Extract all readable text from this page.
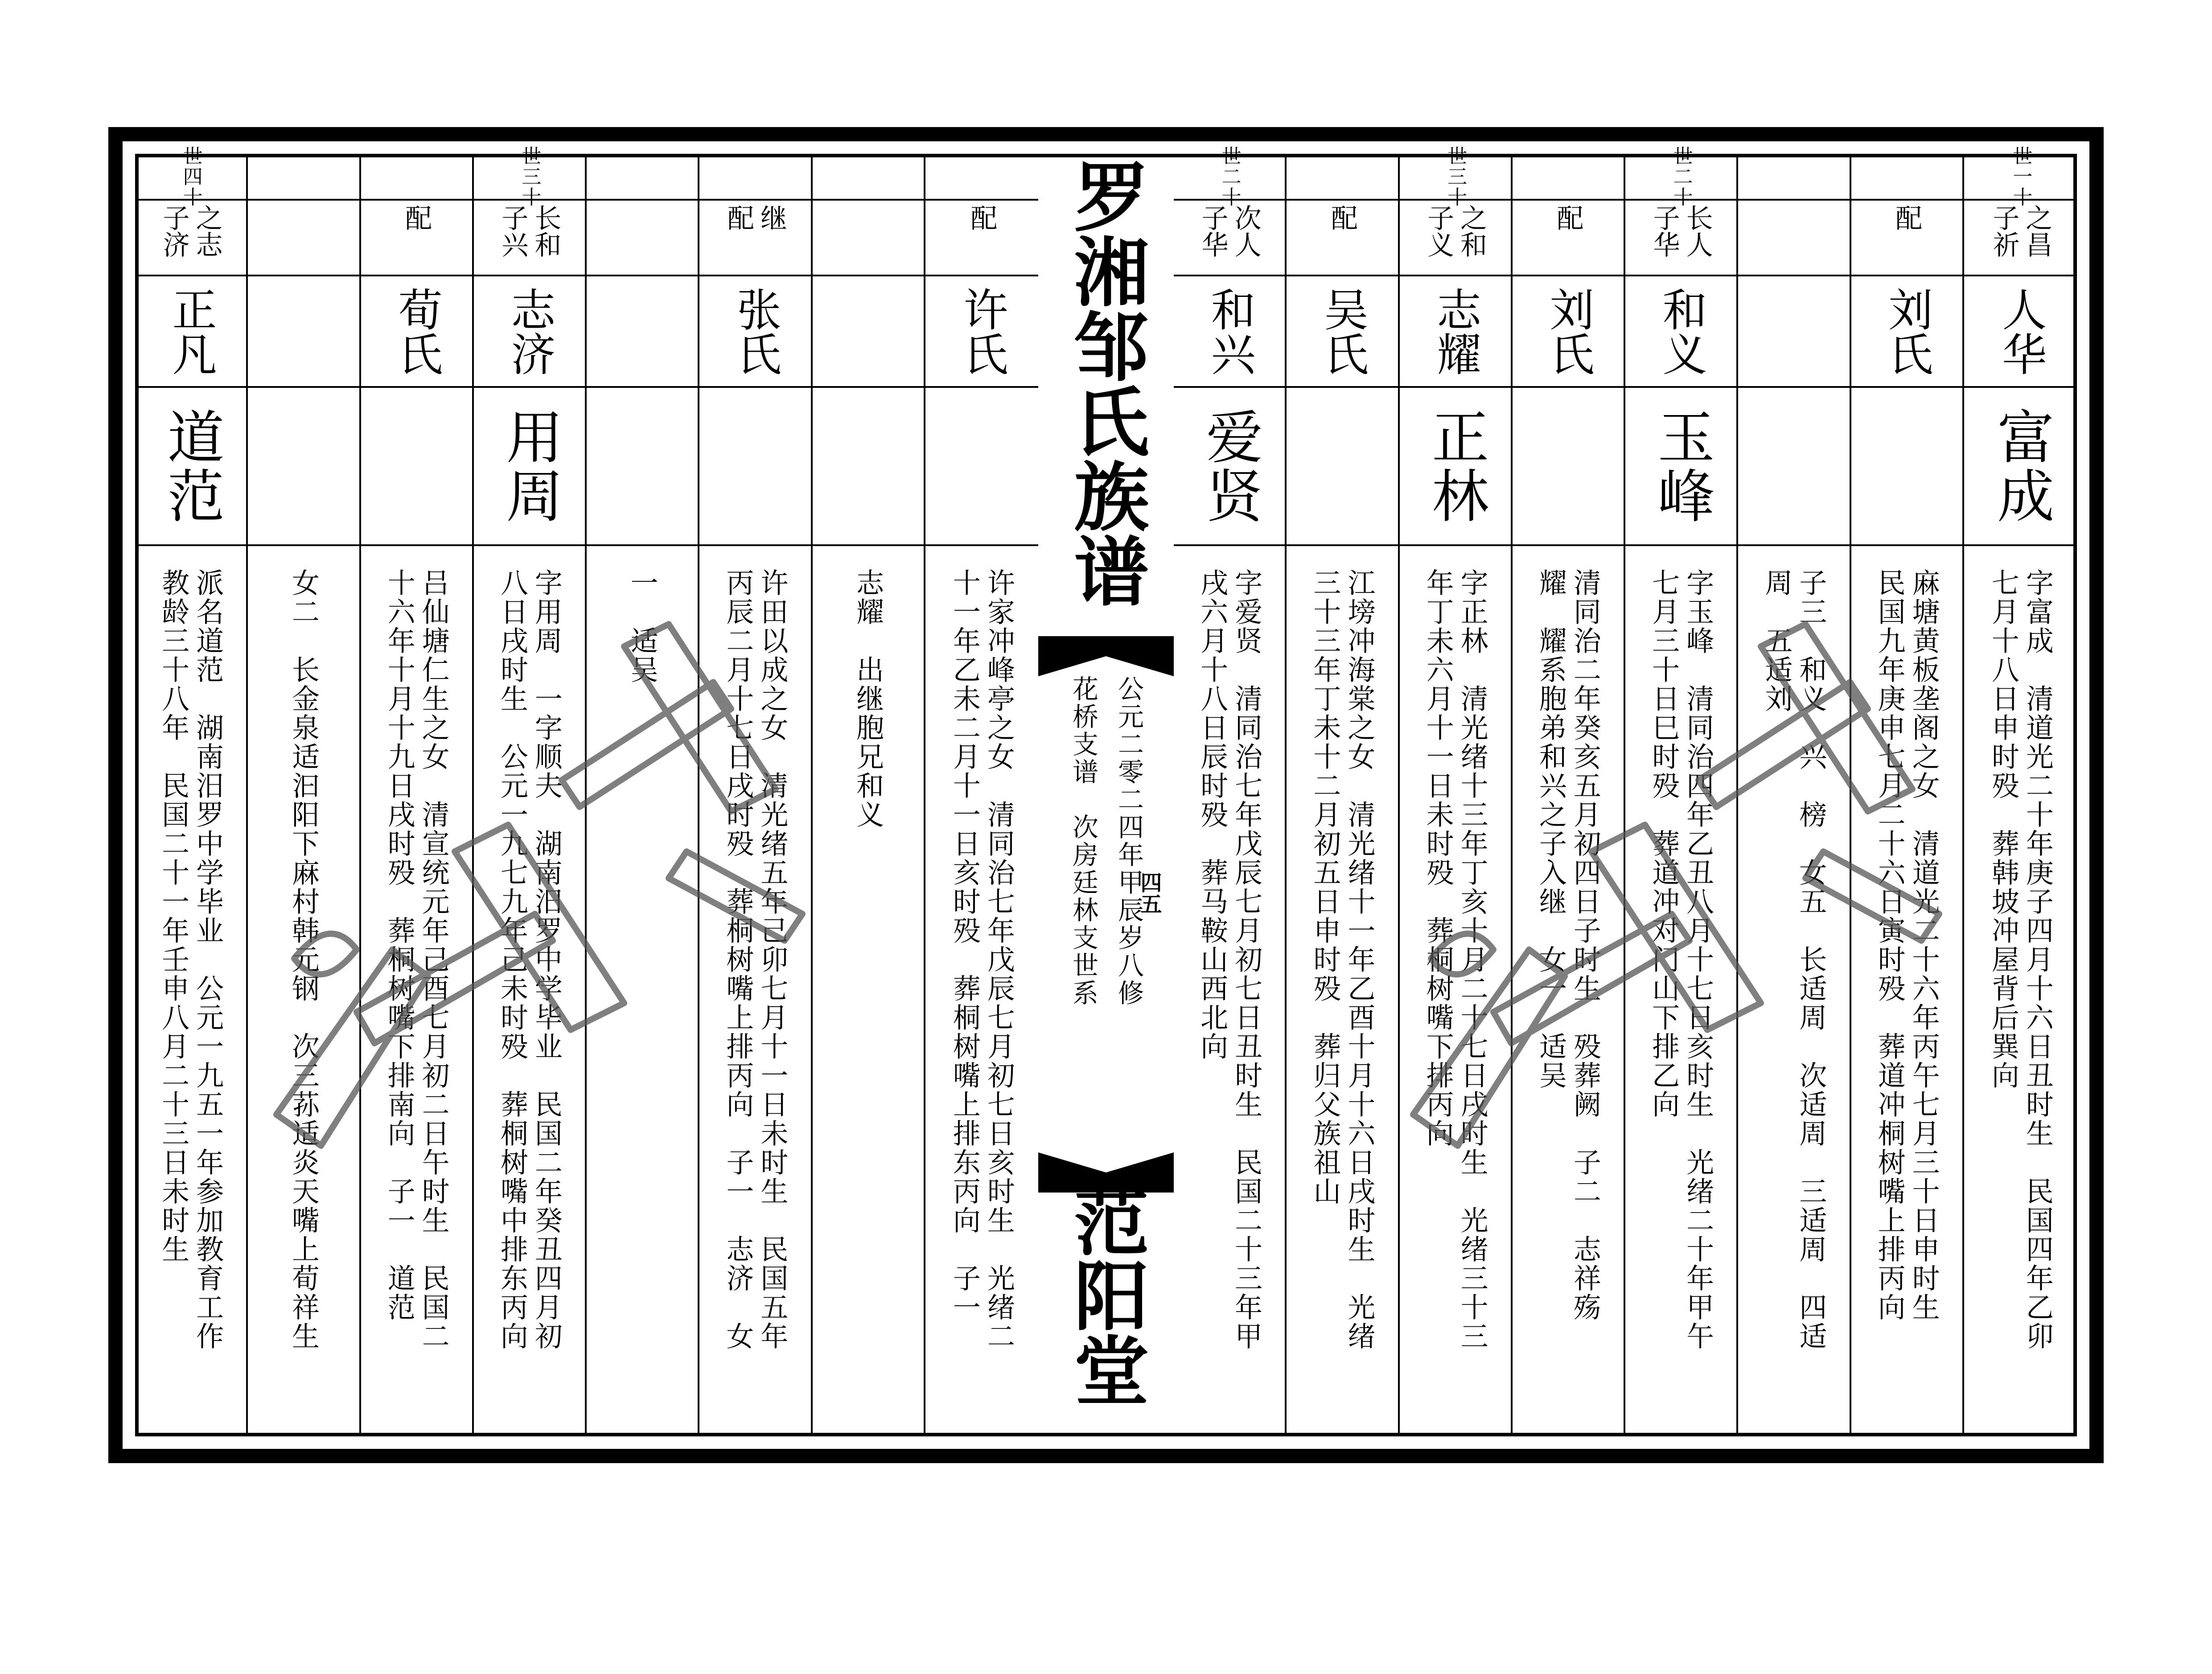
世四十
之志
子济
正凡
道范
派名道范　湖南汨罗中学毕业　公元一九五一年参加教育工作
教龄三十八年　民国二十一年壬申八月二十三日未时生	女二　长金泉适汩阳下麻村韩元钢　次三荪适炎天嘴上荀祥生
配
荀氏
吕仙塘仁生之女　清宣统元年己酉七月初二日午时生　民国二
十六年十月十九日戌时殁　葬桐树嘴下排南向　子一　道范
世三十
长和
子兴
志济
用周
字用周　一字顺夫　湖南汨罗中学毕业　民国二年癸丑四月初
八日戌时生　公元一九七九年己未时殁　葬桐树嘴中排东丙向
一　适吴
继
配
张氏
许田以成之女　清光绪五年己卯七月十一日未时生　民国五年
丙辰二月十七日戌时殁　葬桐树嘴上排丙向　子一　志济　女
志耀　出继胞兄和义
配
许氏
许家冲峰亭之女　清同治七年戊辰七月初七日亥时生　光绪二
十一年乙未二月十一日亥时殁　葬桐树嘴上排东丙向　子一
罗湘邹氏族谱
花桥支谱　次房廷林支世系 公元二零二四年甲辰岁八修
四五
范阳堂
世二十
次人
子华
和兴
爱贤
字爱贤　清同治七年戊辰七月初七日丑时生　民国二十三年甲
戌六月十八日辰时殁　葬马鞍山西北向
配
吴氏
江塝冲海棠之女　清光绪十一年乙酉十月十六日戌时生　光绪
三十三年丁未十二月初五日申时殁　葬归父族祖山
世三十
之和
子义
志耀
正林
字正林　清光绪十三年丁亥十月二十七日戌时生　光绪三十三
年丁未六月十一日未时殁　葬桐树嘴下排丙向
配
刘氏
清同治二年癸亥五月初四日子时生　殁葬阙　子二　志祥殇
耀　耀系胞弟和兴之子入继　女一　适吴
世二十
长人
子华
和义
玉峰
字玉峰　清同治四年乙丑八月十七日亥时生　光绪二十年甲午
七月三十日巳时殁　葬道冲对门山下排乙向
子三　和义　兴　榜　女五　长适周　次适周　三适周　四适
周　五适刘
配
刘氏
麻塘黄板垄阁之女　清道光二十六年丙午七月三十日申时生
民国九年庚申七月二十六日寅时殁　葬道冲桐树嘴上排丙向
世一十
之昌
子祈
人华
富成
字富成　清道光二十年庚子四月十六日丑时生　民国四年乙卯
七月十八日申时殁　葬韩坡冲屋背后巽向
